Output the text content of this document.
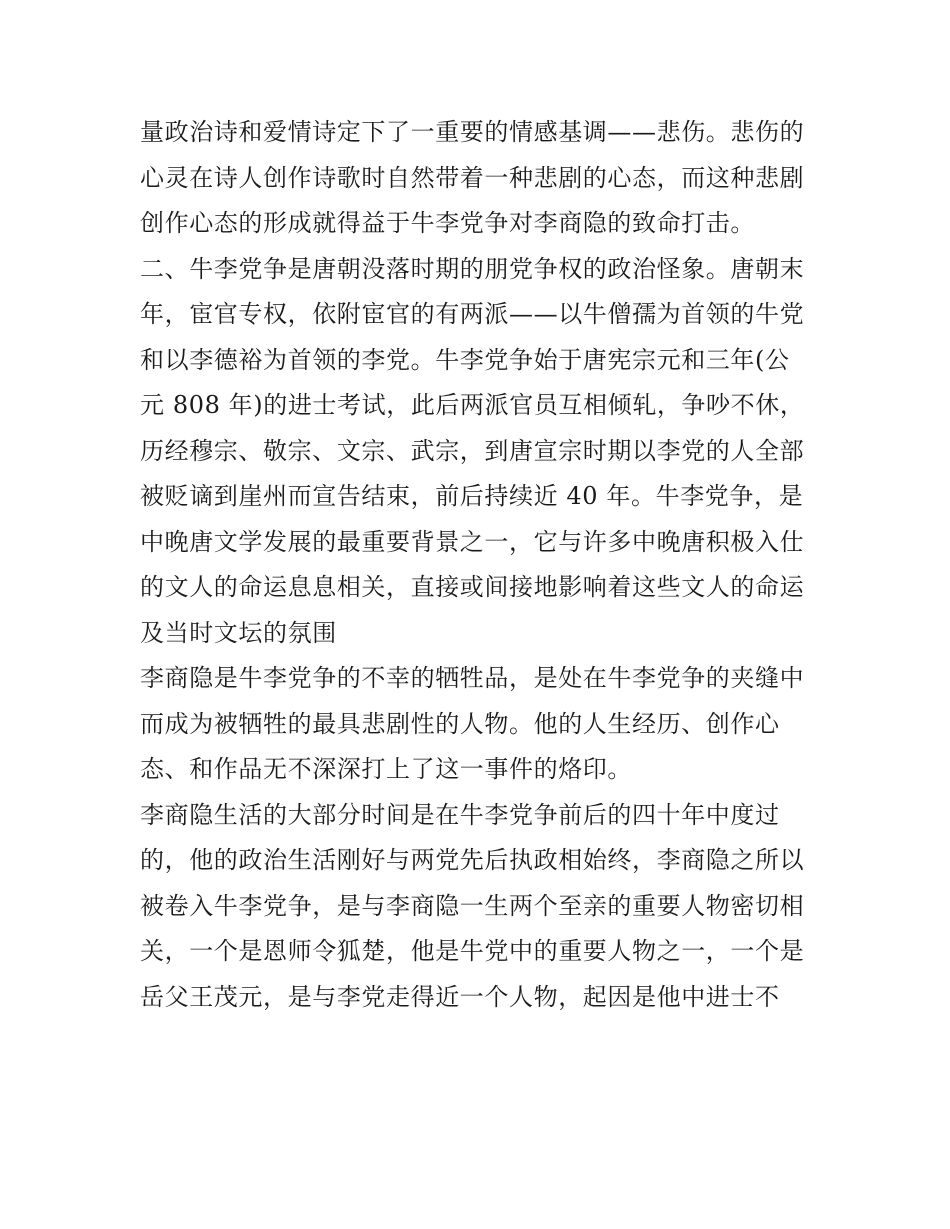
量政治诗和爱情诗定下了一重要的情感基调——悲伤。悲伤的
心灵在诗人创作诗歌时自然带着一种悲剧的心态，而这种悲剧
创作心态的形成就得益于牛李党争对李商隐的致命打击。
二、牛李党争是唐朝没落时期的朋党争权的政治怪象。唐朝末
年，宦官专权，依附宦官的有两派——以牛僧孺为首领的牛党
和以李德裕为首领的李党。牛李党争始于唐宪宗元和三年(公
元 808 年)的进士考试，此后两派官员互相倾轧，争吵不休，
历经穆宗、敬宗、文宗、武宗，到唐宣宗时期以李党的人全部
被贬谪到崖州而宣告结束，前后持续近 40 年。牛李党争，是
中晚唐文学发展的最重要背景之一，它与许多中晚唐积极入仕
的文人的命运息息相关，直接或间接地影响着这些文人的命运
及当时文坛的氛围
李商隐是牛李党争的不幸的牺牲品，是处在牛李党争的夹缝中
而成为被牺牲的最具悲剧性的人物。他的人生经历、创作心
态、和作品无不深深打上了这一事件的烙印。
李商隐生活的大部分时间是在牛李党争前后的四十年中度过
的，他的政治生活刚好与两党先后执政相始终，李商隐之所以
被卷入牛李党争，是与李商隐一生两个至亲的重要人物密切相
关，一个是恩师令狐楚，他是牛党中的重要人物之一，一个是
岳父王茂元，是与李党走得近一个人物，起因是他中进士不
